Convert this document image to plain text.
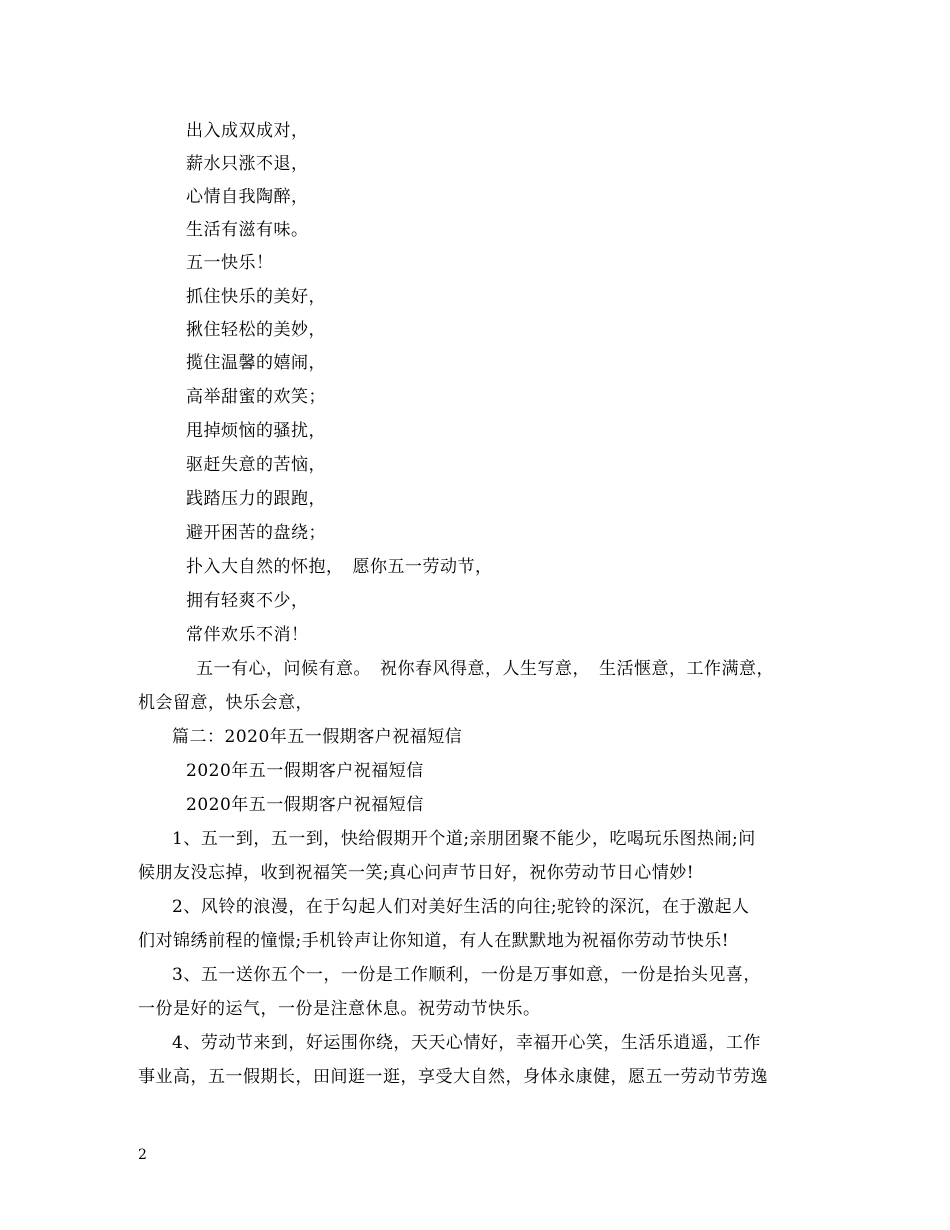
出入成双成对，
薪水只涨不退，
心情自我陶醉，
生活有滋有味。
五一快乐！
抓住快乐的美好，
揪住轻松的美妙，
揽住温馨的嬉闹，
高举甜蜜的欢笑；
甩掉烦恼的骚扰，
驱赶失意的苦恼，
践踏压力的跟跑，
避开困苦的盘绕；
扑入大自然的怀抱，　愿你五一劳动节，
拥有轻爽不少，
常伴欢乐不消！
五一有心，问候有意。　祝你春风得意，人生写意，　生活惬意，工作满意，
机会留意，快乐会意，
篇二：2020年五一假期客户祝福短信
2020年五一假期客户祝福短信
2020年五一假期客户祝福短信
1、五一到，五一到，快给假期开个道;亲朋团聚不能少，吃喝玩乐图热闹;问
候朋友没忘掉，收到祝福笑一笑;真心问声节日好，祝你劳动节日心情妙!
2、风铃的浪漫，在于勾起人们对美好生活的向往;驼铃的深沉，在于激起人
们对锦绣前程的憧憬;手机铃声让你知道，有人在默默地为祝福你劳动节快乐!
3、五一送你五个一，一份是工作顺利，一份是万事如意，一份是抬头见喜，
一份是好的运气，一份是注意休息。祝劳动节快乐。
4、劳动节来到，好运围你绕，天天心情好，幸福开心笑，生活乐逍遥，工作
事业高，五一假期长，田间逛一逛，享受大自然，身体永康健，愿五一劳动节劳逸
2
